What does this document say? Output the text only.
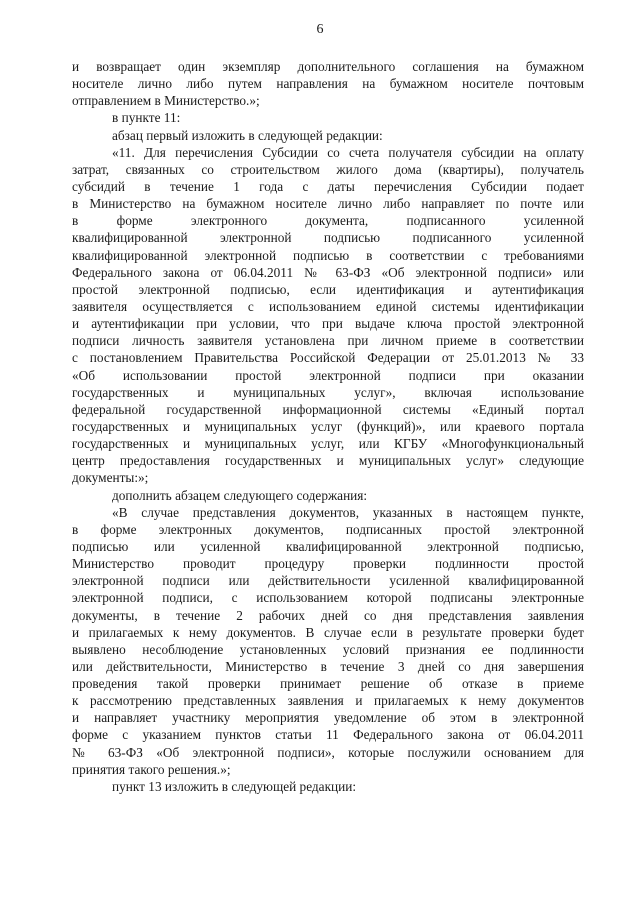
6
и возвращает один экземпляр дополнительного соглашения на бумажном
носителе лично либо путем направления на бумажном носителе почтовым
отправлением в Министерство.»;
в пункте 11:
абзац первый изложить в следующей редакции:
«11. Для перечисления Субсидии со счета получателя субсидии на оплату
затрат, связанных со строительством жилого дома (квартиры), получатель
субсидий в течение 1 года с даты перечисления Субсидии подает
в Министерство на бумажном носителе лично либо направляет по почте или
в форме электронного документа, подписанного усиленной
квалифицированной электронной подписью подписанного усиленной
квалифицированной электронной подписью в соответствии с требованиями
Федерального закона от 06.04.2011 № 63-ФЗ «Об электронной подписи» или
простой электронной подписью, если идентификация и аутентификация
заявителя осуществляется с использованием единой системы идентификации
и аутентификации при условии, что при выдаче ключа простой электронной
подписи личность заявителя установлена при личном приеме в соответствии
с постановлением Правительства Российской Федерации от 25.01.2013 № 33
«Об использовании простой электронной подписи при оказании
государственных и муниципальных услуг», включая использование
федеральной государственной информационной системы «Единый портал
государственных и муниципальных услуг (функций)», или краевого портала
государственных и муниципальных услуг, или КГБУ «Многофункциональный
центр предоставления государственных и муниципальных услуг» следующие
документы:»;
дополнить абзацем следующего содержания:
«В случае представления документов, указанных в настоящем пункте,
в форме электронных документов, подписанных простой электронной
подписью или усиленной квалифицированной электронной подписью,
Министерство проводит процедуру проверки подлинности простой
электронной подписи или действительности усиленной квалифицированной
электронной подписи, с использованием которой подписаны электронные
документы, в течение 2 рабочих дней со дня представления заявления
и прилагаемых к нему документов. В случае если в результате проверки будет
выявлено несоблюдение установленных условий признания ее подлинности
или действительности, Министерство в течение 3 дней со дня завершения
проведения такой проверки принимает решение об отказе в приеме
к рассмотрению представленных заявления и прилагаемых к нему документов
и направляет участнику мероприятия уведомление об этом в электронной
форме с указанием пунктов статьи 11 Федерального закона от 06.04.2011
№ 63-ФЗ «Об электронной подписи», которые послужили основанием для
принятия такого решения.»;
пункт 13 изложить в следующей редакции:
